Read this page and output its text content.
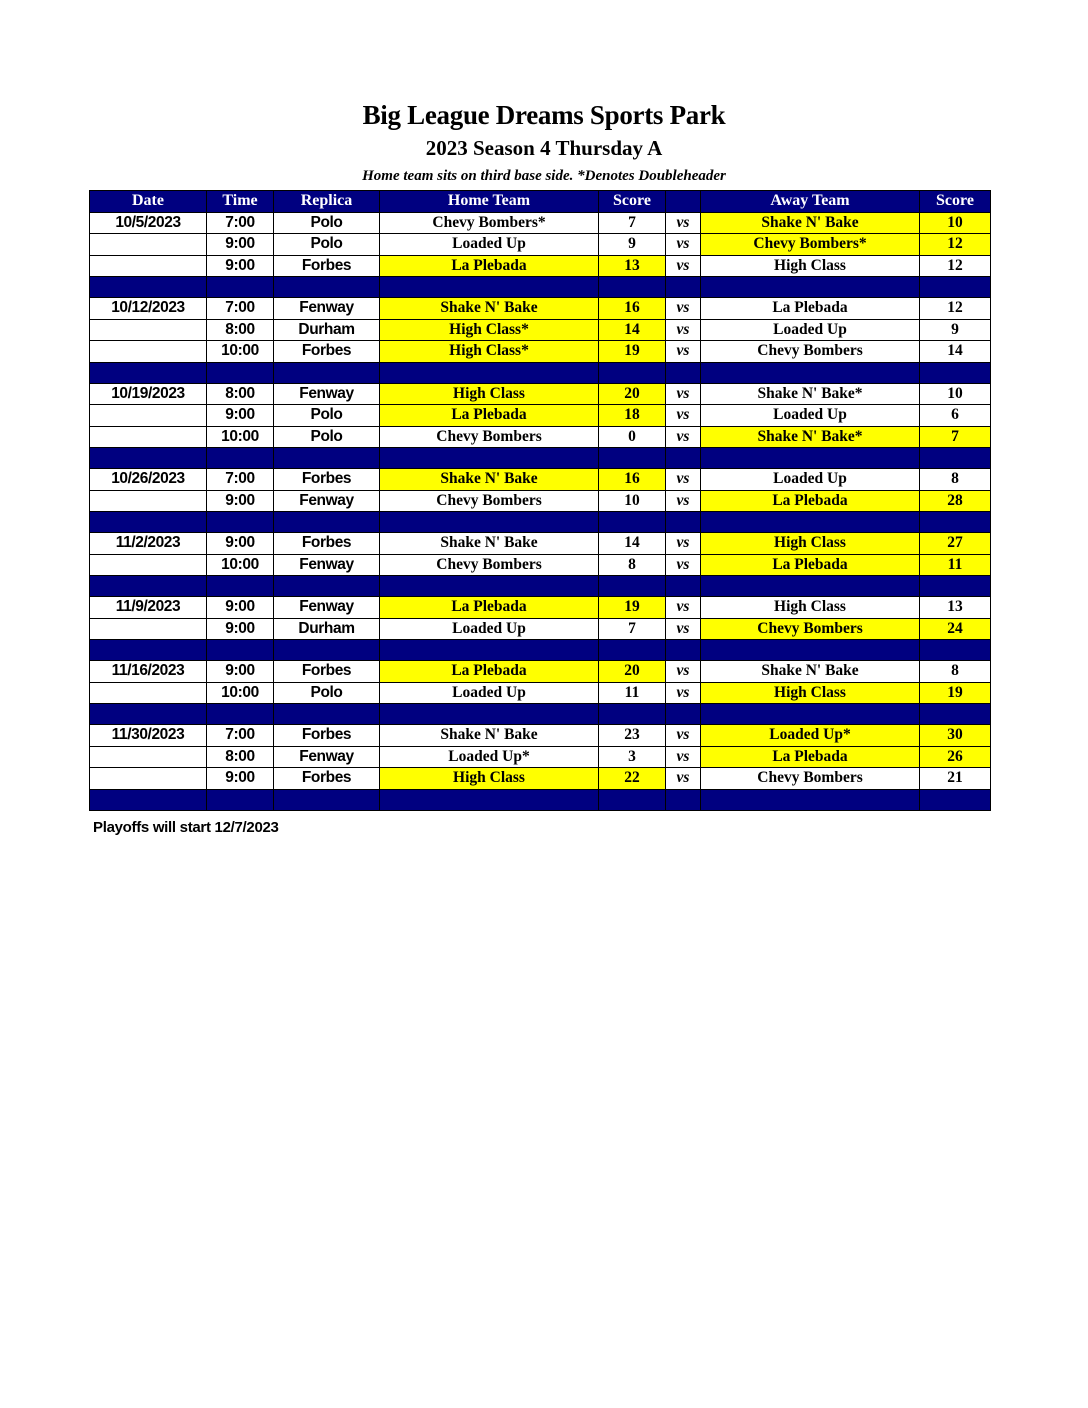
Big League Dreams Sports Park
2023 Season 4 Thursday A
Home team sits on third base side. *Denotes Doubleheader
Date	Time	Replica	Home Team	Score		Away Team	Score
10/5/2023	7:00	Polo	Chevy Bombers*	7	vs	Shake N' Bake	10
	9:00	Polo	Loaded Up	9	vs	Chevy Bombers*	12
	9:00	Forbes	La Plebada	13	vs	High Class	12

10/12/2023	7:00	Fenway	Shake N' Bake	16	vs	La Plebada	12
	8:00	Durham	High Class*	14	vs	Loaded Up	9
	10:00	Forbes	High Class*	19	vs	Chevy Bombers	14

10/19/2023	8:00	Fenway	High Class	20	vs	Shake N' Bake*	10
	9:00	Polo	La Plebada	18	vs	Loaded Up	6
	10:00	Polo	Chevy Bombers	0	vs	Shake N' Bake*	7

10/26/2023	7:00	Forbes	Shake N' Bake	16	vs	Loaded Up	8
	9:00	Fenway	Chevy Bombers	10	vs	La Plebada	28

11/2/2023	9:00	Forbes	Shake N' Bake	14	vs	High Class	27
	10:00	Fenway	Chevy Bombers	8	vs	La Plebada	11

11/9/2023	9:00	Fenway	La Plebada	19	vs	High Class	13
	9:00	Durham	Loaded Up	7	vs	Chevy Bombers	24

11/16/2023	9:00	Forbes	La Plebada	20	vs	Shake N' Bake	8
	10:00	Polo	Loaded Up	11	vs	High Class	19

11/30/2023	7:00	Forbes	Shake N' Bake	23	vs	Loaded Up*	30
	8:00	Fenway	Loaded Up*	3	vs	La Plebada	26
	9:00	Forbes	High Class	22	vs	Chevy Bombers	21

Playoffs will start 12/7/2023
